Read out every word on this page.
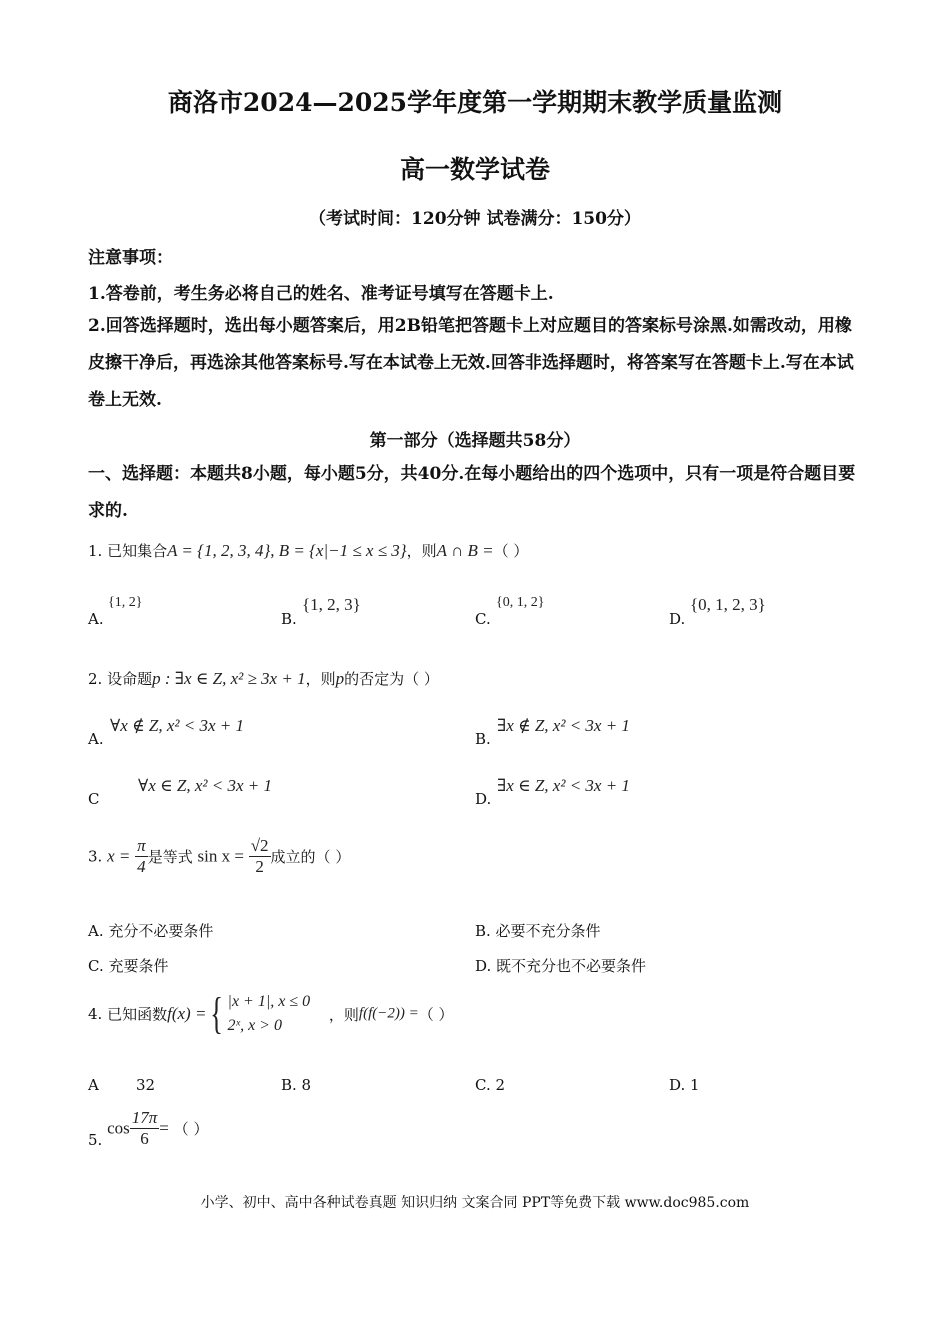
商洛市2024—2025学年度第一学期期末教学质量监测
高一数学试卷
（考试时间：120分钟 试卷满分：150分）
注意事项：
1.答卷前，考生务必将自己的姓名、准考证号填写在答题卡上.
2.回答选择题时，选出每小题答案后，用2B铅笔把答题卡上对应题目的答案标号涂黑.如需改动，用橡皮擦干净后，再选涂其他答案标号.写在本试卷上无效.回答非选择题时，将答案写在答题卡上.写在本试卷上无效.
第一部分（选择题共58分）
一、选择题：本题共8小题，每小题5分，共40分.在每小题给出的四个选项中，只有一项是符合题目要求的.
1. 已知集合A = {1, 2, 3, 4}, B = {x|−1 ≤ x ≤ 3}，则A ∩ B =（ ）
A.
{1, 2}
B.
{1, 2, 3}
C.
{0, 1, 2}
D.
{0, 1, 2, 3}
2. 设命题p : ∃x ∈ Z, x² ≥ 3x + 1，则p的否定为（ ）
A.
∀x ∉ Z, x² < 3x + 1
B.
∃x ∉ Z, x² < 3x + 1
C
∀x ∈ Z, x² < 3x + 1
D.
∃x ∈ Z, x² < 3x + 1
3. $x = \frac{\pi}{4}$ 是等式 $\sin x = \frac{√2}{2}$ 成立的（ ）
A. 充分不必要条件	B. 必要不充分条件
C. 充要条件	D. 既不充分也不必要条件
4. 已知函数f(x) ={ |x + 1|, x ≤ 0
2ˣ, x > 0
，则f(f(−2)) =（ ）
A 32	B. 8	C. 2	D. 1
5. $\cos \frac{17\pi}{6}$ = （ ）
小学、初中、高中各种试卷真题 知识归纳 文案合同 PPT等免费下载 www.doc985.com
